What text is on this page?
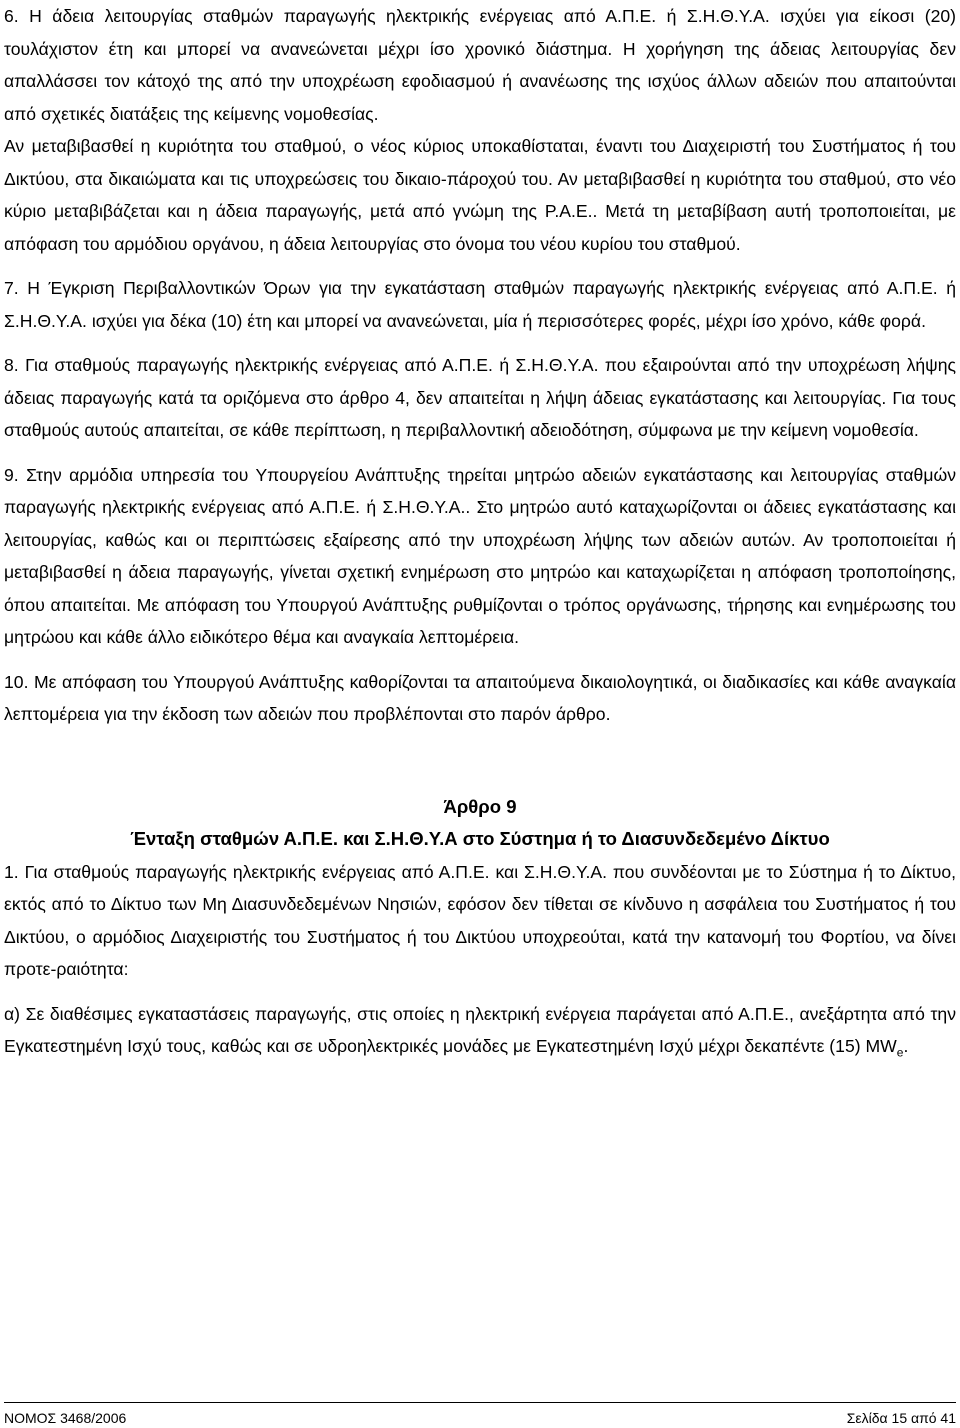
6. Η άδεια λειτουργίας σταθμών παραγωγής ηλεκτρικής ενέργειας από Α.Π.Ε. ή Σ.Η.Θ.Υ.Α. ισχύει για είκοσι (20) τουλάχιστον έτη και μπορεί να ανανεώνεται μέχρι ίσο χρονικό διάστημα. Η χορήγηση της άδειας λειτουργίας δεν απαλλάσσει τον κάτοχό της από την υποχρέωση εφοδιασμού ή ανανέωσης της ισχύος άλλων αδειών που απαιτούνται από σχετικές διατάξεις της κείμενης νομοθεσίας.

Αν μεταβιβασθεί η κυριότητα του σταθμού, ο νέος κύριος υποκαθίσταται, έναντι του Διαχειριστή του Συστήματος ή του Δικτύου, στα δικαιώματα και τις υποχρεώσεις του δικαιο-πάροχού του. Αν μεταβιβασθεί η κυριότητα του σταθμού, στο νέο κύριο μεταβιβάζεται και η άδεια παραγωγής, μετά από γνώμη της Ρ.Α.Ε.. Μετά τη μεταβίβαση αυτή τροποποιείται, με απόφαση του αρμόδιου οργάνου, η άδεια λειτουργίας στο όνομα του νέου κυρίου του σταθμού.

7. Η Έγκριση Περιβαλλοντικών Όρων για την εγκατάσταση σταθμών παραγωγής ηλεκτρικής ενέργειας από Α.Π.Ε. ή Σ.Η.Θ.Υ.Α. ισχύει για δέκα (10) έτη και μπορεί να ανανεώνεται, μία ή περισσότερες φορές, μέχρι ίσο χρόνο, κάθε φορά.

8. Για σταθμούς παραγωγής ηλεκτρικής ενέργειας από Α.Π.Ε. ή Σ.Η.Θ.Υ.Α. που εξαιρούνται από την υποχρέωση λήψης άδειας παραγωγής κατά τα οριζόμενα στο άρθρο 4, δεν απαιτείται η λήψη άδειας εγκατάστασης και λειτουργίας. Για τους σταθμούς αυτούς απαιτείται, σε κάθε περίπτωση, η περιβαλλοντική αδειοδότηση, σύμφωνα με την κείμενη νομοθεσία.

9. Στην αρμόδια υπηρεσία του Υπουργείου Ανάπτυξης τηρείται μητρώο αδειών εγκατάστασης και λειτουργίας σταθμών παραγωγής ηλεκτρικής ενέργειας από Α.Π.Ε. ή Σ.Η.Θ.Υ.Α.. Στο μητρώο αυτό καταχωρίζονται οι άδειες εγκατάστασης και λειτουργίας, καθώς και οι περιπτώσεις εξαίρεσης από την υποχρέωση λήψης των αδειών αυτών. Αν τροποποιείται ή μεταβιβασθεί η άδεια παραγωγής, γίνεται σχετική ενημέρωση στο μητρώο και καταχωρίζεται η απόφαση τροποποίησης, όπου απαιτείται. Με απόφαση του Υπουργού Ανάπτυξης ρυθμίζονται ο τρόπος οργάνωσης, τήρησης και ενημέρωσης του μητρώου και κάθε άλλο ειδικότερο θέμα και αναγκαία λεπτομέρεια.

10. Με απόφαση του Υπουργού Ανάπτυξης καθορίζονται τα απαιτούμενα δικαιολογητικά, οι διαδικασίες και κάθε αναγκαία λεπτομέρεια για την έκδοση των αδειών που προβλέπονται στο παρόν άρθρο.

Άρθρο 9
Ένταξη σταθμών Α.Π.Ε. και Σ.Η.Θ.Υ.Α στο Σύστημα ή το Διασυνδεδεμένο Δίκτυο

1. Για σταθμούς παραγωγής ηλεκτρικής ενέργειας από Α.Π.Ε. και Σ.Η.Θ.Υ.Α. που συνδέονται με το Σύστημα ή το Δίκτυο, εκτός από το Δίκτυο των Μη Διασυνδεδεμένων Νησιών, εφόσον δεν τίθεται σε κίνδυνο η ασφάλεια του Συστήματος ή του Δικτύου, ο αρμόδιος Διαχειριστής του Συστήματος ή του Δικτύου υποχρεούται, κατά την κατανομή του Φορτίου, να δίνει προτε-ραιότητα:

α) Σε διαθέσιμες εγκαταστάσεις παραγωγής, στις οποίες η ηλεκτρική ενέργεια παράγεται από Α.Π.Ε., ανεξάρτητα από την Εγκατεστημένη Ισχύ τους, καθώς και σε υδροηλεκτρικές μονάδες με Εγκατεστημένη Ισχύ μέχρι δεκαπέντε (15) $MW_e$.

ΝΟΜΟΣ 3468/2006	Σελίδα 15 από 41
